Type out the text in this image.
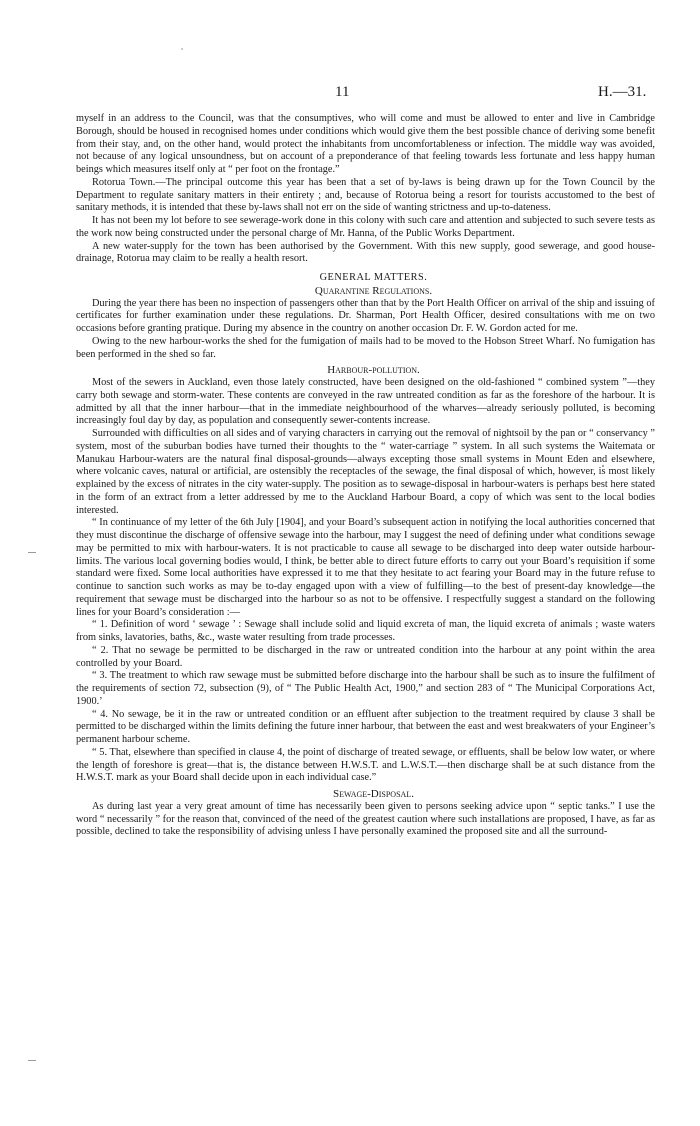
11	H.—31.

myself in an address to the Council, was that the consumptives, who will come and must be allowed to enter and live in Cambridge Borough, should be housed in recognised homes under conditions which would give them the best possible chance of deriving some benefit from their stay, and, on the other hand, would protect the inhabitants from uncomfortableness or infection. The middle way was avoided, not because of any logical unsoundness, but on account of a preponderance of that feeling towards less fortunate and less happy human beings which measures itself only at “ per foot on the frontage.”

Rotorua Town.—The principal outcome this year has been that a set of by-laws is being drawn up for the Town Council by the Department to regulate sanitary matters in their entirety ; and, because of Rotorua being a resort for tourists accustomed to the best of sanitary methods, it is intended that these by-laws shall not err on the side of wanting strictness and up-to-dateness.

It has not been my lot before to see sewerage-work done in this colony with such care and attention and subjected to such severe tests as the work now being constructed under the personal charge of Mr. Hanna, of the Public Works Department.

A new water-supply for the town has been authorised by the Government. With this new supply, good sewerage, and good house-drainage, Rotorua may claim to be really a health resort.

GENERAL MATTERS.

Quarantine Regulations.

During the year there has been no inspection of passengers other than that by the Port Health Officer on arrival of the ship and issuing of certificates for further examination under these regulations. Dr. Sharman, Port Health Officer, desired consultations with me on two occasions before granting pratique. During my absence in the country on another occasion Dr. F. W. Gordon acted for me.

Owing to the new harbour-works the shed for the fumigation of mails had to be moved to the Hobson Street Wharf. No fumigation has been performed in the shed so far.

Harbour-pollution.

Most of the sewers in Auckland, even those lately constructed, have been designed on the old-fashioned “ combined system ”—they carry both sewage and storm-water. These contents are conveyed in the raw untreated condition as far as the foreshore of the harbour. It is admitted by all that the inner harbour—that in the immediate neighbourhood of the wharves—already seriously polluted, is becoming increasingly foul day by day, as population and consequently sewer-contents increase.

Surrounded with difficulties on all sides and of varying characters in carrying out the removal of nightsoil by the pan or “ conservancy ” system, most of the suburban bodies have turned their thoughts to the “ water-carriage ” system. In all such systems the Waitemata or Manukau Harbour-waters are the natural final disposal-grounds—always excepting those small systems in Mount Eden and elsewhere, where volcanic caves, natural or artificial, are ostensibly the receptacles of the sewage, the final disposal of which, however, is most likely explained by the excess of nitrates in the city water-supply. The position as to sewage-disposal in harbour-waters is perhaps best here stated in the form of an extract from a letter addressed by me to the Auckland Harbour Board, a copy of which was sent to the local bodies interested.

“ In continuance of my letter of the 6th July [1904], and your Board’s subsequent action in notifying the local authorities concerned that they must discontinue the discharge of offensive sewage into the harbour, may I suggest the need of defining under what conditions sewage may be permitted to mix with harbour-waters. It is not practicable to cause all sewage to be discharged into deep water outside harbour-limits. The various local governing bodies would, I think, be better able to direct future efforts to carry out your Board’s requisition if some standard were fixed. Some local authorities have expressed it to me that they hesitate to act fearing your Board may in the future refuse to continue to sanction such works as may be to-day engaged upon with a view of fulfilling—to the best of present-day knowledge—the requirement that sewage must be discharged into the harbour so as not to be offensive. I respectfully suggest a standard on the following lines for your Board’s consideration :—

“ 1. Definition of word ‘ sewage ’ : Sewage shall include solid and liquid excreta of man, the liquid excreta of animals ; waste waters from sinks, lavatories, baths, &c., waste water resulting from trade processes.

“ 2. That no sewage be permitted to be discharged in the raw or untreated condition into the harbour at any point within the area controlled by your Board.

“ 3. The treatment to which raw sewage must be submitted before discharge into the harbour shall be such as to insure the fulfilment of the requirements of section 72, subsection (9), of “ The Public Health Act, 1900,” and section 283 of “ The Municipal Corporations Act, 1900.’

“ 4. No sewage, be it in the raw or untreated condition or an effluent after subjection to the treatment required by clause 3 shall be permitted to be discharged within the limits defining the future inner harbour, that between the east and west breakwaters of your Engineer’s permanent harbour scheme.

“ 5. That, elsewhere than specified in clause 4, the point of discharge of treated sewage, or effluents, shall be below low water, or where the length of foreshore is great—that is, the distance between H.W.S.T. and L.W.S.T.—then discharge shall be at such distance from the H.W.S.T. mark as your Board shall decide upon in each individual case.”

Sewage-Disposal.

As during last year a very great amount of time has necessarily been given to persons seeking advice upon “ septic tanks.” I use the word “ necessarily ” for the reason that, convinced of the need of the greatest caution where such installations are proposed, I have, as far as possible, declined to take the responsibility of advising unless I have personally examined the proposed site and all the surround-
